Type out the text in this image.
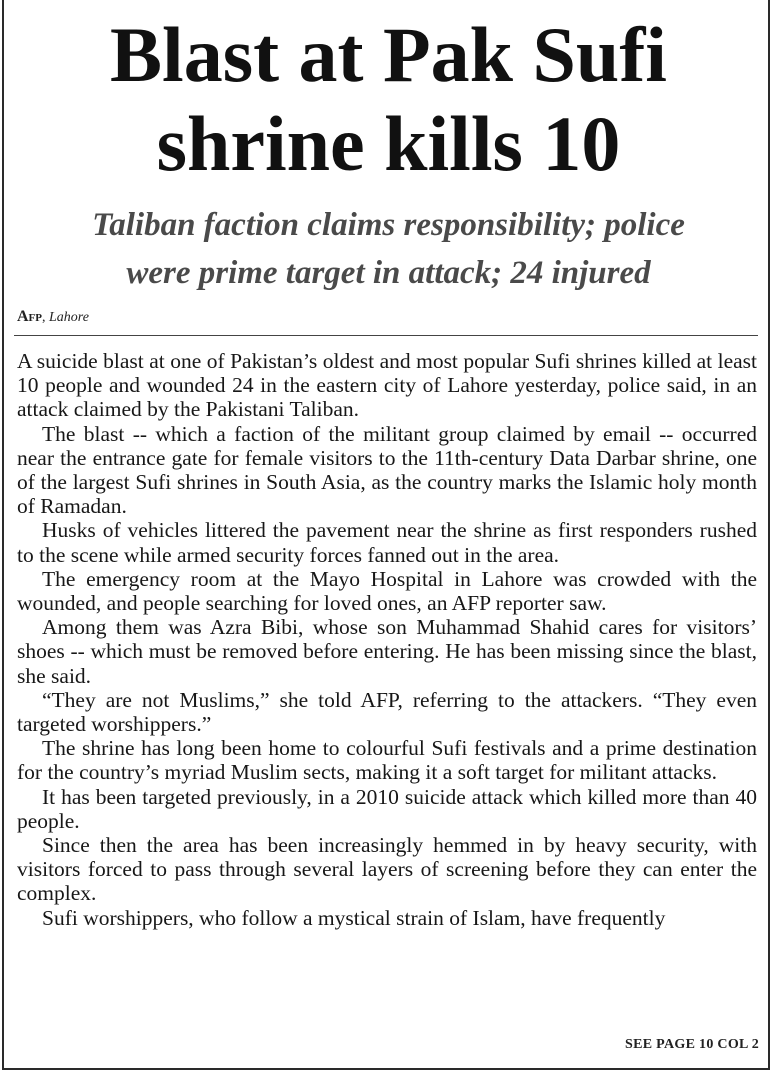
Blast at Pak Sufi
shrine kills 10
Taliban faction claims responsibility; police
were prime target in attack; 24 injured
Afp, Lahore

A suicide blast at one of Pakistan’s oldest and most popular Sufi shrines killed at least 10 people and wounded 24 in the eastern city of Lahore yesterday, police said, in an attack claimed by the Pakistani Taliban.

The blast -- which a faction of the militant group claimed by email -- occurred near the entrance gate for female visitors to the 11th-century Data Darbar shrine, one of the largest Sufi shrines in South Asia, as the country marks the Islamic holy month of Ramadan.

Husks of vehicles littered the pavement near the shrine as first responders rushed to the scene while armed security forces fanned out in the area.

The emergency room at the Mayo Hospital in Lahore was crowded with the wounded, and people searching for loved ones, an AFP reporter saw.

Among them was Azra Bibi, whose son Muhammad Shahid cares for visitors’ shoes -- which must be removed before entering. He has been missing since the blast, she said.

“They are not Muslims,” she told AFP, referring to the attackers. “They even targeted worshippers.”

The shrine has long been home to colourful Sufi festivals and a prime destination for the country’s myriad Muslim sects, making it a soft target for militant attacks.

It has been targeted previously, in a 2010 suicide attack which killed more than 40 people.

Since then the area has been increasingly hemmed in by heavy security, with visitors forced to pass through several layers of screening before they can enter the complex.

Sufi worshippers, who follow a mystical strain of Islam, have frequently

SEE PAGE 10 COL 2
